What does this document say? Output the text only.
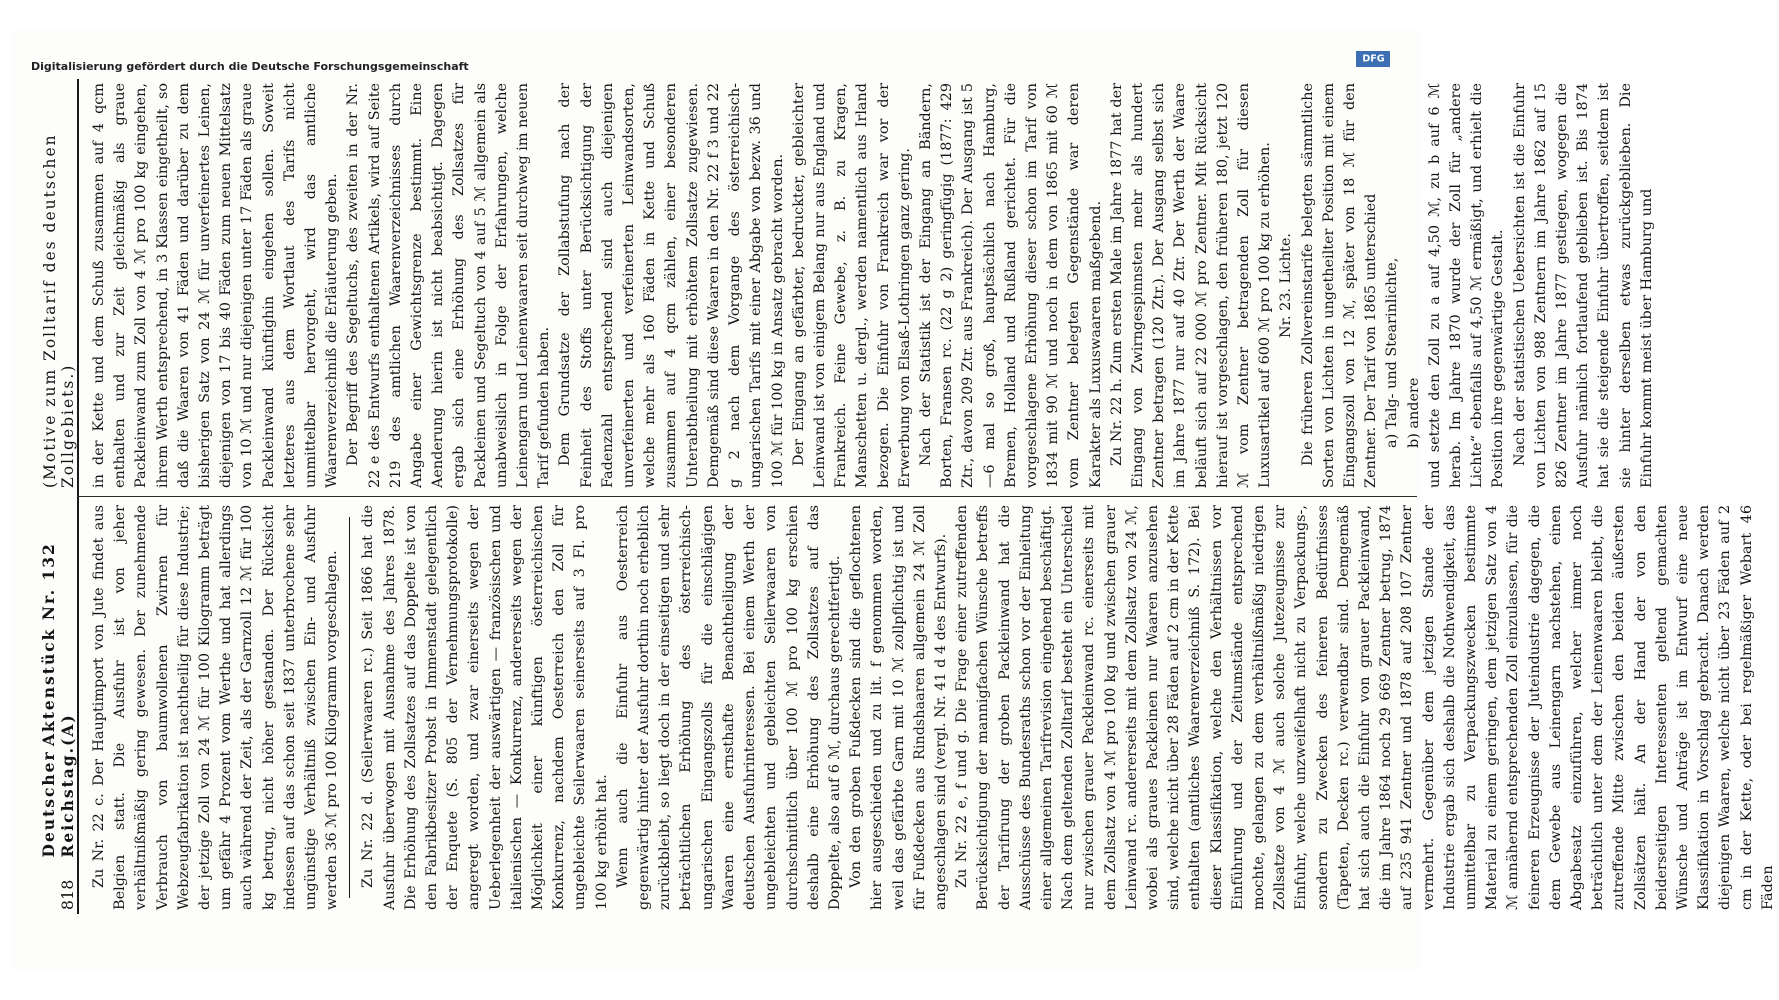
818
Deutscher Reichstag.
Aktenstück Nr. 132 (A)
(Motive zum Zolltarif des deutschen Zollgebiets.)

Zu Nr. 22 c. Der Hauptimport von Jute findet aus Belgien statt. Die Ausfuhr ist von jeher verhältnißmäßig gering gewesen. Der zunehmende Verbrauch von baumwollenen Zwirnen für Webzeugfabrikation ist nachtheilig für diese Industrie; der jetzige Zoll von 24 ℳ für 100 Kilogramm beträgt um gefähr 4 Prozent vom Werthe und hat allerdings auch während der Zeit, als der Garnzoll 12 ℳ für 100 kg betrug, nicht höher gestanden. Der Rücksicht indessen auf das schon seit 1837 unterbrochene sehr ungünstige Verhältniß zwischen Ein- und Ausfuhr werden 36 ℳ pro 100 Kilogramm vorgeschlagen. Zu Nr. 22 d. (Seilerwaaren rc.) Seit 1866 hat die Ausfuhr überwogen mit Ausnahme des Jahres 1878. Die Erhöhung des Zollsatzes auf das Doppelte ist von den Fabrikbesitzer Probst in Immenstadt gelegentlich der Enquete (S. 805 der Vernehmungsprotokolle) angeregt worden, und zwar einerseits wegen der Ueberlegenheit der auswärtigen — französischen und italienischen — Konkurrenz, andererseits wegen der Möglichkeit einer künftigen österreichischen Konkurrenz, nachdem Oesterreich den Zoll für ungebleichte Seilerwaaren seinerseits auf 3 Fl. pro 100 kg erhöht hat. Wenn auch die Einfuhr aus Oesterreich gegenwärtig hinter der Ausfuhr dorthin noch erheblich zurückbleibt, so liegt doch in der einseitigen und sehr beträchtlichen Erhöhung des österreichisch-ungarischen Eingangszolls für die einschlägigen Waaren eine ernsthafte Benachtheiligung der deutschen Ausfuhrinteressen. Bei einem Werth der ungebleichten und gebleichten Seilerwaaren von durchschnittlich über 100 ℳ pro 100 kg erschien deshalb eine Erhöhung des Zollsatzes auf das Doppelte, also auf 6 ℳ, durchaus gerechtfertigt. Von den groben Fußdecken sind die geflochtenen hier ausgeschieden und zu lit. f genommen worden, weil das gefärbte Garn mit 10 ℳ zollpflichtig ist und für Fußdecken aus Rindshaaren allgemein 24 ℳ Zoll angeschlagen sind (vergl. Nr. 41 d 4 des Entwurfs). Zu Nr. 22 e, f und g. Die Frage einer zutreffenden Berücksichtigung der mannigfachen Wünsche betreffs der Tarifirung der groben Packleinwand hat die Ausschüsse des Bundesraths schon vor der Einleitung einer allgemeinen Tarifrevision eingehend beschäftigt. Nach dem geltenden Zolltarif besteht ein Unterschied nur zwischen grauer Packleinwand rc. einerseits mit dem Zollsatz von 4 ℳ pro 100 kg und zwischen grauer Leinwand rc. andererseits mit dem Zollsatz von 24 ℳ, wobei als graues Packleinen nur Waaren anzusehen sind, welche nicht über 28 Fäden auf 2 cm in der Kette enthalten (amtliches Waarenverzeichniß S. 172). Bei dieser Klassifikation, welche den Verhältnissen vor Einführung und der Zeitumstände entsprechend mochte, gelangen zu dem verhältnißmäßig niedrigen Zollsatze von 4 ℳ auch solche Jutezeugnisse zur Einfuhr, welche unzweifelhaft nicht zu Verpackungs-, sondern zu Zwecken des feineren Bedürfnisses (Tapeten, Decken rc.) verwendbar sind. Demgemäß hat sich auch die Einfuhr von grauer Packleinwand, die im Jahre 1864 noch 29 669 Zentner betrug, 1874 auf 235 941 Zentner und 1878 auf 208 107 Zentner vermehrt. Gegenüber dem jetzigen Stande der Industrie ergab sich deshalb die Nothwendigkeit, das unmittelbar zu Verpackungszwecken bestimmte Material zu einem geringen, dem jetzigen Satz von 4 ℳ annähernd entsprechenden Zoll einzulassen, für die feineren Erzeugnisse der Juteindustrie dagegen, die dem Gewebe aus Leinengarn nachstehen, einen Abgabesatz einzuführen, welcher immer noch beträchtlich unter dem der Leinenwaaren bleibt, die zutreffende Mitte zwischen den beiden äußersten Zollsätzen hält. An der Hand der von den beiderseitigen Interessenten geltend gemachten Wünsche und Anträge ist im Entwurf eine neue Klassifikation in Vorschlag gebracht. Danach werden diejenigen Waaren, welche nicht über 23 Fäden auf 2 cm in der Kette, oder bei regelmäßiger Webart 46 Fäden

in der Kette und dem Schuß zusammen auf 4 qcm enthalten und zur Zeit gleichmäßig als graue Packleinwand zum Zoll von 4 ℳ pro 100 kg eingehen, ihrem Werth entsprechend, in 3 Klassen eingetheilt, so daß die Waaren von 41 Fäden und darüber zu dem bisherigen Satz von 24 ℳ für unverfeinertes Leinen, diejenigen von 17 bis 40 Fäden zum neuen Mittelsatz von 10 ℳ und nur diejenigen unter 17 Fäden als graue Packleinwand künftighin eingehen sollen. Soweit letzteres aus dem Wortlaut des Tarifs nicht unmittelbar hervorgeht, wird das amtliche Waarenverzeichniß die Erläuterung geben. Der Begriff des Segeltuchs, des zweiten in der Nr. 22 e des Entwurfs enthaltenen Artikels, wird auf Seite 219 des amtlichen Waarenverzeichnisses durch Angabe einer Gewichtsgrenze bestimmt. Eine Aenderung hierin ist nicht beabsichtigt. Dagegen ergab sich eine Erhöhung des Zollsatzes für Packleinen und Segeltuch von 4 auf 5 ℳ allgemein als unabweislich in Folge der Erfahrungen, welche Leinengarn und Leinenwaaren seit durchweg im neuen Tarif gefunden haben. Dem Grundsatze der Zollabstufung nach der Feinheit des Stoffs unter Berücksichtigung der Fadenzahl entsprechend sind auch diejenigen unverfeinerten und verfeinerten Leinwandsorten, welche mehr als 160 Fäden in Kette und Schuß zusammen auf 4 qcm zählen, einer besonderen Unterabtheilung mit erhöhtem Zollsatze zugewiesen. Demgemäß sind diese Waaren in den Nr. 22 f 3 und 22 g 2 nach dem Vorgange des österreichisch-ungarischen Tarifs mit einer Abgabe von bezw. 36 und 100 ℳ für 100 kg in Ansatz gebracht worden. Der Eingang an gefärbter, bedruckter, gebleichter Leinwand ist von einigem Belang nur aus England und Frankreich. Feine Gewebe, z. B. zu Kragen, Manschetten u. dergl., werden namentlich aus Irland bezogen. Die Einfuhr von Frankreich war vor der Erwerbung von Elsaß-Lothringen ganz gering. Nach der Statistik ist der Eingang an Bändern, Borten, Fransen rc. (22 g 2) geringfügig (1877: 429 Ztr., davon 209 Ztr. aus Frankreich). Der Ausgang ist 5—6 mal so groß, hauptsächlich nach Hamburg, Bremen, Holland und Rußland gerichtet. Für die vorgeschlagene Erhöhung dieser schon im Tarif von 1834 mit 90 ℳ und noch in dem von 1865 mit 60 ℳ vom Zentner belegten Gegenstände war deren Karakter als Luxuswaaren maßgebend. Zu Nr. 22 h. Zum ersten Male im Jahre 1877 hat der Eingang von Zwirngespinnsten mehr als hundert Zentner betragen (120 Ztr.). Der Ausgang selbst sich im Jahre 1877 nur auf 40 Ztr. Der Werth der Waare beläuft sich auf 22 000 ℳ pro Zentner. Mit Rücksicht hierauf ist vorgeschlagen, den früheren 180, jetzt 120 ℳ vom Zentner betragenden Zoll für diesen Luxusartikel auf 600 ℳ pro 100 kg zu erhöhen. Nr. 23. Lichte. Die früheren Zollvereinstarife belegten sämmtliche Sorten von Lichten in ungetheilter Position mit einem Eingangszoll von 12 ℳ, später von 18 ℳ für den Zentner. Der Tarif von 1865 unterschied a) Talg- und Stearinlichte, b) andere und setzte den Zoll zu a auf 4,50 ℳ, zu b auf 6 ℳ herab. Im Jahre 1870 wurde der Zoll für „andere Lichte“ ebenfalls auf 4,50 ℳ ermäßigt, und erhielt die Position ihre gegenwärtige Gestalt. Nach der statistischen Uebersichten ist die Einfuhr von Lichten von 988 Zentnern im Jahre 1862 auf 15 826 Zentner im Jahre 1877 gestiegen, wogegen die Ausfuhr nämlich fortlaufend geblieben ist. Bis 1874 hat sie die steigende Einfuhr übertroffen, seitdem ist sie hinter derselben etwas zurückgeblieben. Die Einfuhr kommt meist über Hamburg und

Digitalisierung gefördert durch die Deutsche Forschungsgemeinschaft
DFG
